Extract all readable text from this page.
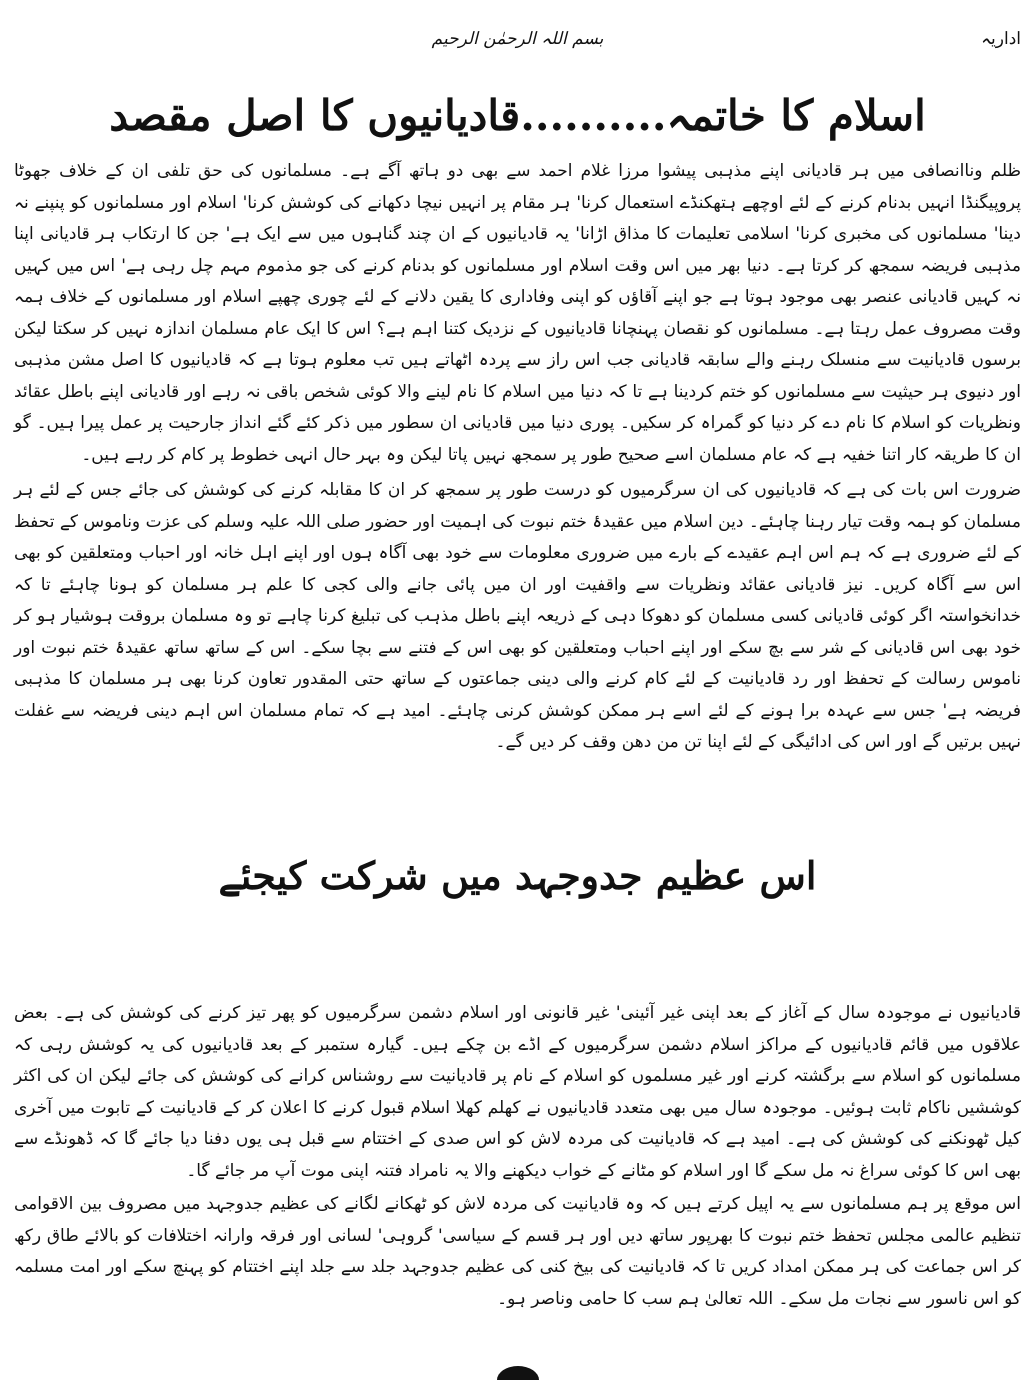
اداریہ
بسم اللہ الرحمٰن الرحیم
اسلام کا خاتمہ..........قادیانیوں کا اصل مقصد

ظلم وناانصافی میں ہر قادیانی اپنے مذہبی پیشوا مرزا غلام احمد سے بھی دو ہاتھ آگے ہے۔ مسلمانوں کی حق تلفی ان کے خلاف جھوٹا پروپیگنڈا انہیں بدنام کرنے کے لئے اوچھے ہتھکنڈے استعمال کرنا' ہر مقام پر انہیں نیچا دکھانے کی کوشش کرنا' اسلام اور مسلمانوں کو پنپنے نہ دینا' مسلمانوں کی مخبری کرنا' اسلامی تعلیمات کا مذاق اڑانا' یہ قادیانیوں کے ان چند گناہوں میں سے ایک ہے' جن کا ارتکاب ہر قادیانی اپنا مذہبی فریضہ سمجھ کر کرتا ہے۔ دنیا بھر میں اس وقت اسلام اور مسلمانوں کو بدنام کرنے کی جو مذموم مہم چل رہی ہے' اس میں کہیں نہ کہیں قادیانی عنصر بھی موجود ہوتا ہے جو اپنے آقاؤں کو اپنی وفاداری کا یقین دلانے کے لئے چوری چھپے اسلام اور مسلمانوں کے خلاف ہمہ وقت مصروف عمل رہتا ہے۔ مسلمانوں کو نقصان پہنچانا قادیانیوں کے نزدیک کتنا اہم ہے؟ اس کا ایک عام مسلمان اندازہ نہیں کر سکتا لیکن برسوں قادیانیت سے منسلک رہنے والے سابقہ قادیانی جب اس راز سے پردہ اٹھاتے ہیں تب معلوم ہوتا ہے کہ قادیانیوں کا اصل مشن مذہبی اور دنیوی ہر حیثیت سے مسلمانوں کو ختم کردینا ہے تا کہ دنیا میں اسلام کا نام لینے والا کوئی شخص باقی نہ رہے اور قادیانی اپنے باطل عقائد ونظریات کو اسلام کا نام دے کر دنیا کو گمراہ کر سکیں۔ پوری دنیا میں قادیانی ان سطور میں ذکر کئے گئے انداز جارحیت پر عمل پیرا ہیں۔ گو ان کا طریقہ کار اتنا خفیہ ہے کہ عام مسلمان اسے صحیح طور پر سمجھ نہیں پاتا لیکن وہ بہر حال انہی خطوط پر کام کر رہے ہیں۔

ضرورت اس بات کی ہے کہ قادیانیوں کی ان سرگرمیوں کو درست طور پر سمجھ کر ان کا مقابلہ کرنے کی کوشش کی جائے جس کے لئے ہر مسلمان کو ہمہ وقت تیار رہنا چاہئے۔ دین اسلام میں عقیدۂ ختم نبوت کی اہمیت اور حضور صلی اللہ علیہ وسلم کی عزت وناموس کے تحفظ کے لئے ضروری ہے کہ ہم اس اہم عقیدے کے بارے میں ضروری معلومات سے خود بھی آگاہ ہوں اور اپنے اہل خانہ اور احباب ومتعلقین کو بھی اس سے آگاہ کریں۔ نیز قادیانی عقائد ونظریات سے واقفیت اور ان میں پائی جانے والی کجی کا علم ہر مسلمان کو ہونا چاہئے تا کہ خدانخواستہ اگر کوئی قادیانی کسی مسلمان کو دھوکا دہی کے ذریعہ اپنے باطل مذہب کی تبلیغ کرنا چاہے تو وہ مسلمان بروقت ہوشیار ہو کر خود بھی اس قادیانی کے شر سے بچ سکے اور اپنے احباب ومتعلقین کو بھی اس کے فتنے سے بچا سکے۔ اس کے ساتھ ساتھ عقیدۂ ختم نبوت اور ناموس رسالت کے تحفظ اور رد قادیانیت کے لئے کام کرنے والی دینی جماعتوں کے ساتھ حتی المقدور تعاون کرنا بھی ہر مسلمان کا مذہبی فریضہ ہے' جس سے عہدہ برا ہونے کے لئے اسے ہر ممکن کوشش کرنی چاہئے۔ امید ہے کہ تمام مسلمان اس اہم دینی فریضہ سے غفلت نہیں برتیں گے اور اس کی ادائیگی کے لئے اپنا تن من دھن وقف کر دیں گے۔

اس عظیم جدوجہد میں شرکت کیجئے

قادیانیوں نے موجودہ سال کے آغاز کے بعد اپنی غیر آئینی' غیر قانونی اور اسلام دشمن سرگرمیوں کو پھر تیز کرنے کی کوشش کی ہے۔ بعض علاقوں میں قائم قادیانیوں کے مراکز اسلام دشمن سرگرمیوں کے اڈے بن چکے ہیں۔ گیارہ ستمبر کے بعد قادیانیوں کی یہ کوشش رہی کہ مسلمانوں کو اسلام سے برگشتہ کرنے اور غیر مسلموں کو اسلام کے نام پر قادیانیت سے روشناس کرانے کی کوشش کی جائے لیکن ان کی اکثر کوششیں ناکام ثابت ہوئیں۔ موجودہ سال میں بھی متعدد قادیانیوں نے کھلم کھلا اسلام قبول کرنے کا اعلان کر کے قادیانیت کے تابوت میں آخری کیل ٹھونکنے کی کوشش کی ہے۔ امید ہے کہ قادیانیت کی مردہ لاش کو اس صدی کے اختتام سے قبل ہی یوں دفنا دیا جائے گا کہ ڈھونڈے سے بھی اس کا کوئی سراغ نہ مل سکے گا اور اسلام کو مٹانے کے خواب دیکھنے والا یہ نامراد فتنہ اپنی موت آپ مر جائے گا۔

اس موقع پر ہم مسلمانوں سے یہ اپیل کرتے ہیں کہ وہ قادیانیت کی مردہ لاش کو ٹھکانے لگانے کی عظیم جدوجہد میں مصروف بین الاقوامی تنظیم عالمی مجلس تحفظ ختم نبوت کا بھرپور ساتھ دیں اور ہر قسم کے سیاسی' گروہی' لسانی اور فرقہ وارانہ اختلافات کو بالائے طاق رکھ کر اس جماعت کی ہر ممکن امداد کریں تا کہ قادیانیت کی بیخ کنی کی عظیم جدوجہد جلد سے جلد اپنے اختتام کو پہنچ سکے اور امت مسلمہ کو اس ناسور سے نجات مل سکے۔ اللہ تعالیٰ ہم سب کا حامی وناصر ہو۔
